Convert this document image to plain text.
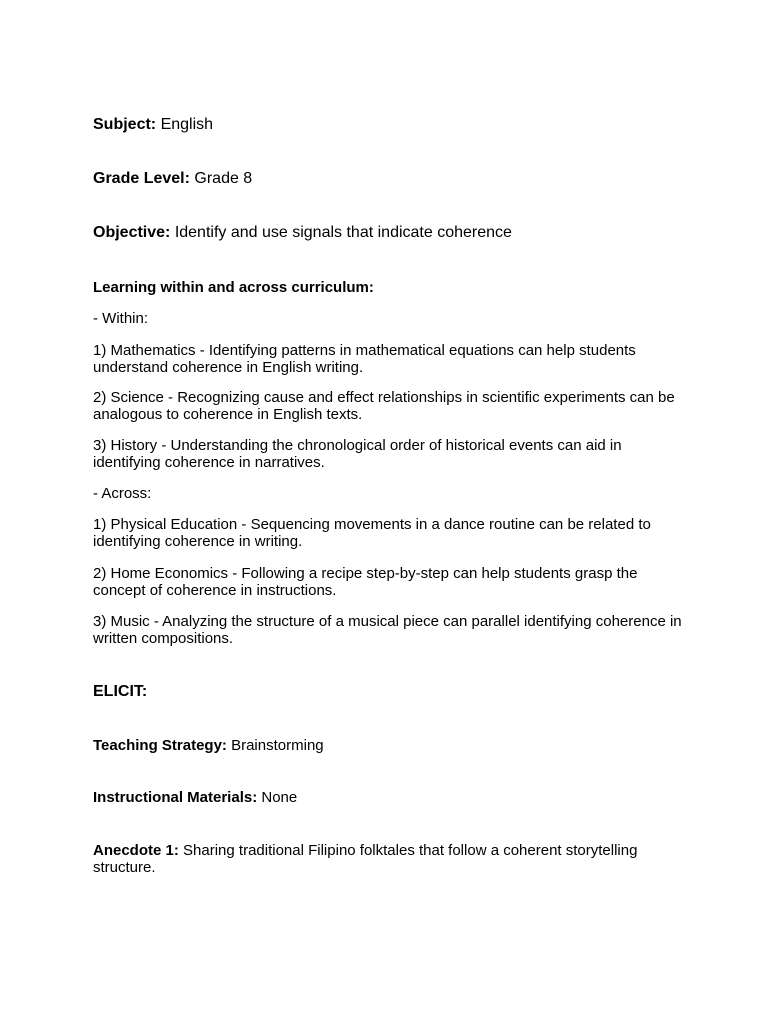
Subject: English
Grade Level: Grade 8
Objective: Identify and use signals that indicate coherence
Learning within and across curriculum:
- Within:
1) Mathematics - Identifying patterns in mathematical equations can help students understand coherence in English writing.
2) Science - Recognizing cause and effect relationships in scientific experiments can be analogous to coherence in English texts.
3) History - Understanding the chronological order of historical events can aid in identifying coherence in narratives.
- Across:
1) Physical Education - Sequencing movements in a dance routine can be related to identifying coherence in writing.
2) Home Economics - Following a recipe step-by-step can help students grasp the concept of coherence in instructions.
3) Music - Analyzing the structure of a musical piece can parallel identifying coherence in written compositions.
ELICIT:
Teaching Strategy: Brainstorming
Instructional Materials: None
Anecdote 1: Sharing traditional Filipino folktales that follow a coherent storytelling structure.
